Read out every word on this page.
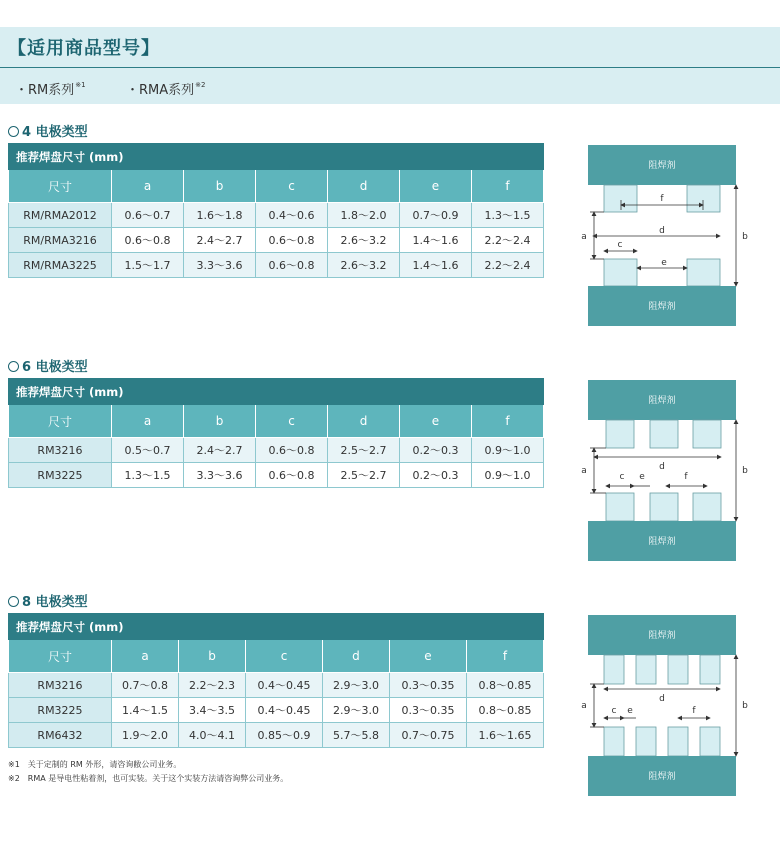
【适用商品型号】
・RM系列$^{※1}$	・RMA系列$^{※2}$
4 电极类型
推荐焊盘尺寸 (mm)						
尺寸	a	b	c	d	e	f
RM/RMA2012	0.6～0.7	1.6～1.8	0.4～0.6	1.8～2.0	0.7～0.9	1.3～1.5
RM/RMA3216	0.6～0.8	2.4～2.7	0.6～0.8	2.6～3.2	1.4～1.6	2.2～2.4
RM/RMA3225	1.5～1.7	3.3～3.6	0.6～0.8	2.6～3.2	1.4～1.6	2.2～2.4
6 电极类型
推荐焊盘尺寸 (mm)						
尺寸	a	b	c	d	e	f
RM3216	0.5～0.7	2.4～2.7	0.6～0.8	2.5～2.7	0.2～0.3	0.9～1.0
RM3225	1.3～1.5	3.3～3.6	0.6～0.8	2.5～2.7	0.2～0.3	0.9～1.0
8 电极类型
推荐焊盘尺寸 (mm)						
尺寸	a	b	c	d	e	f
RM3216	0.7～0.8	2.2～2.3	0.4～0.45	2.9～3.0	0.3～0.35	0.8～0.85
RM3225	1.4～1.5	3.4～3.5	0.4～0.45	2.9～3.0	0.3～0.35	0.8～0.85
RM6432	1.9～2.0	4.0～4.1	0.85～0.9	5.7～5.8	0.7～0.75	1.6～1.65
※1　关于定制的 RM 外形，请咨询敝公司业务。
※2　RMA 是导电性粘着剂，也可实装。关于这个实装方法请咨询弊公司业务。
阻焊剂
阻焊剂
f
d
c
e
a	b
阻焊剂
阻焊剂
d
c e	f
a	b
阻焊剂
阻焊剂
d
c e	f
a	b
